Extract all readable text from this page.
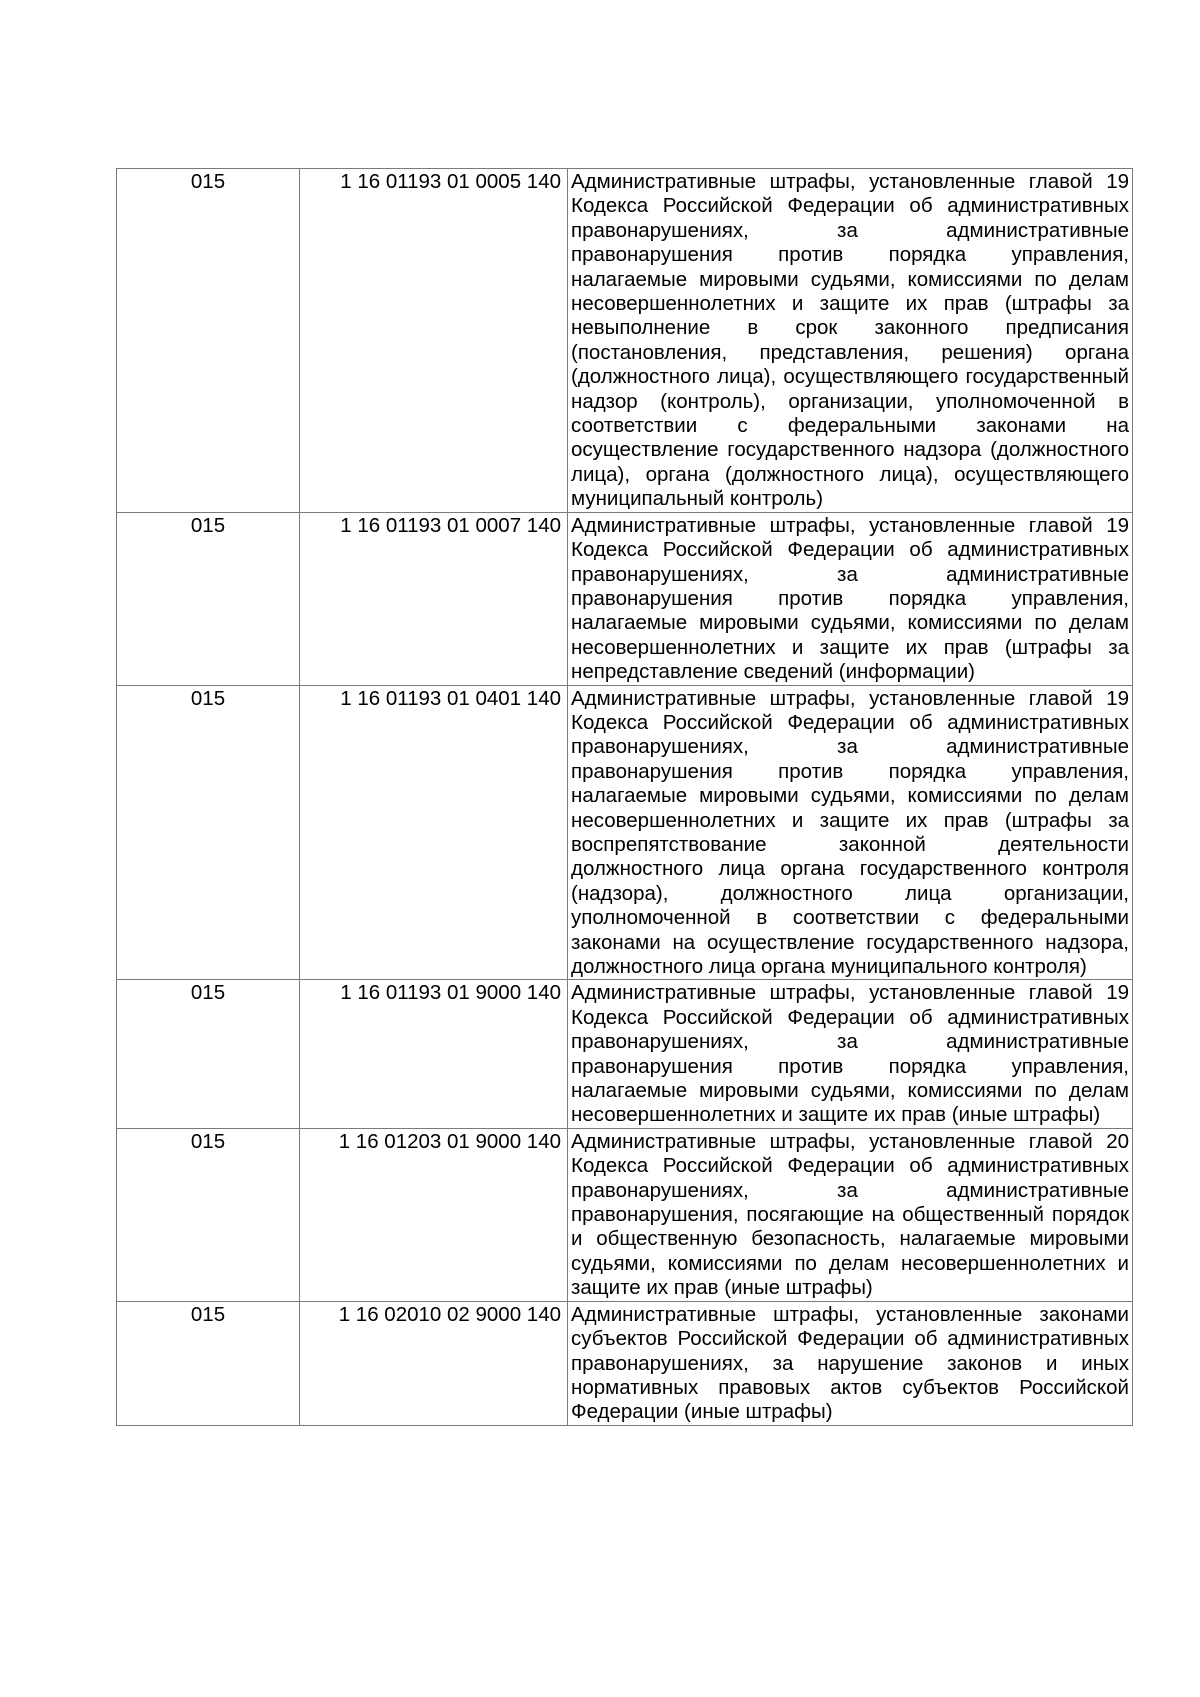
015	1 16 01193 01 0005 140	Административные штрафы, установленные главой 19 Кодекса Российской Федерации об административных правонарушениях, за административные правонарушения против порядка управления, налагаемые мировыми судьями, комиссиями по делам несовершеннолетних и защите их прав (штрафы за невыполнение в срок законного предписания (постановления, представления, решения) органа (должностного лица), осуществляющего государственный надзор (контроль), организации, уполномоченной в соответствии с федеральными законами на осуществление государственного надзора (должностного лица), органа (должностного лица), осуществляющего муниципальный контроль)

015	1 16 01193 01 0007 140	Административные штрафы, установленные главой 19 Кодекса Российской Федерации об административных правонарушениях, за административные правонарушения против порядка управления, налагаемые мировыми судьями, комиссиями по делам несовершеннолетних и защите их прав (штрафы за непредставление сведений (информации)

015	1 16 01193 01 0401 140	Административные штрафы, установленные главой 19 Кодекса Российской Федерации об административных правонарушениях, за административные правонарушения против порядка управления, налагаемые мировыми судьями, комиссиями по делам несовершеннолетних и защите их прав (штрафы за воспрепятствование законной деятельности должностного лица органа государственного контроля (надзора), должностного лица организации, уполномоченной в соответствии с федеральными законами на осуществление государственного надзора, должностного лица органа муниципального контроля)

015	1 16 01193 01 9000 140	Административные штрафы, установленные главой 19 Кодекса Российской Федерации об административных правонарушениях, за административные правонарушения против порядка управления, налагаемые мировыми судьями, комиссиями по делам несовершеннолетних и защите их прав (иные штрафы)

015	1 16 01203 01 9000 140	Административные штрафы, установленные главой 20 Кодекса Российской Федерации об административных правонарушениях, за административные правонарушения, посягающие на общественный порядок и общественную безопасность, налагаемые мировыми судьями, комиссиями по делам несовершеннолетних и защите их прав (иные штрафы)

015	1 16 02010 02 9000 140	Административные штрафы, установленные законами субъектов Российской Федерации об административных правонарушениях, за нарушение законов и иных нормативных правовых актов субъектов Российской Федерации (иные штрафы)
